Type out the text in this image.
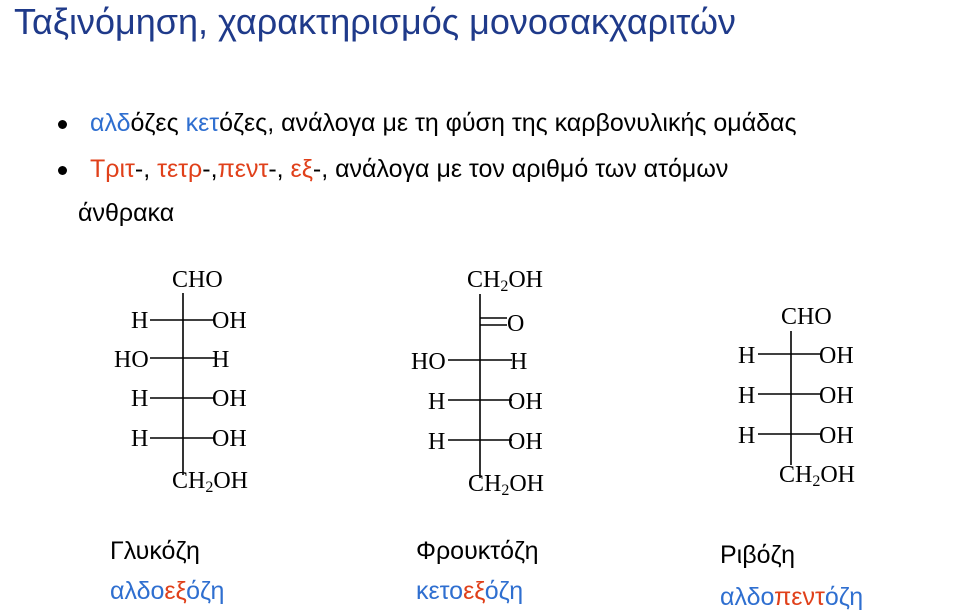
Ταξινόμηση, χαρακτηρισμός μονοσακχαριτών
αλδόζες κετόζες, ανάλογα με τη φύση της καρβονυλικής ομάδας
Τριτ-, τετρ-,πεντ-, εξ-, ανάλογα με τον αριθμό των ατόμων
άνθρακα
CHO
H	OH
HO	H
H	OH
H	OH
CH2OH
CH2OH
O
HO	H
H	OH
H	OH
CH2OH
CHO
H	OH
H	OH
H	OH
CH2OH
Γλυκόζη
αλδοεξόζη
Φρουκτόζη
κετοεξόζη
Ριβόζη
αλδοπεντόζη
